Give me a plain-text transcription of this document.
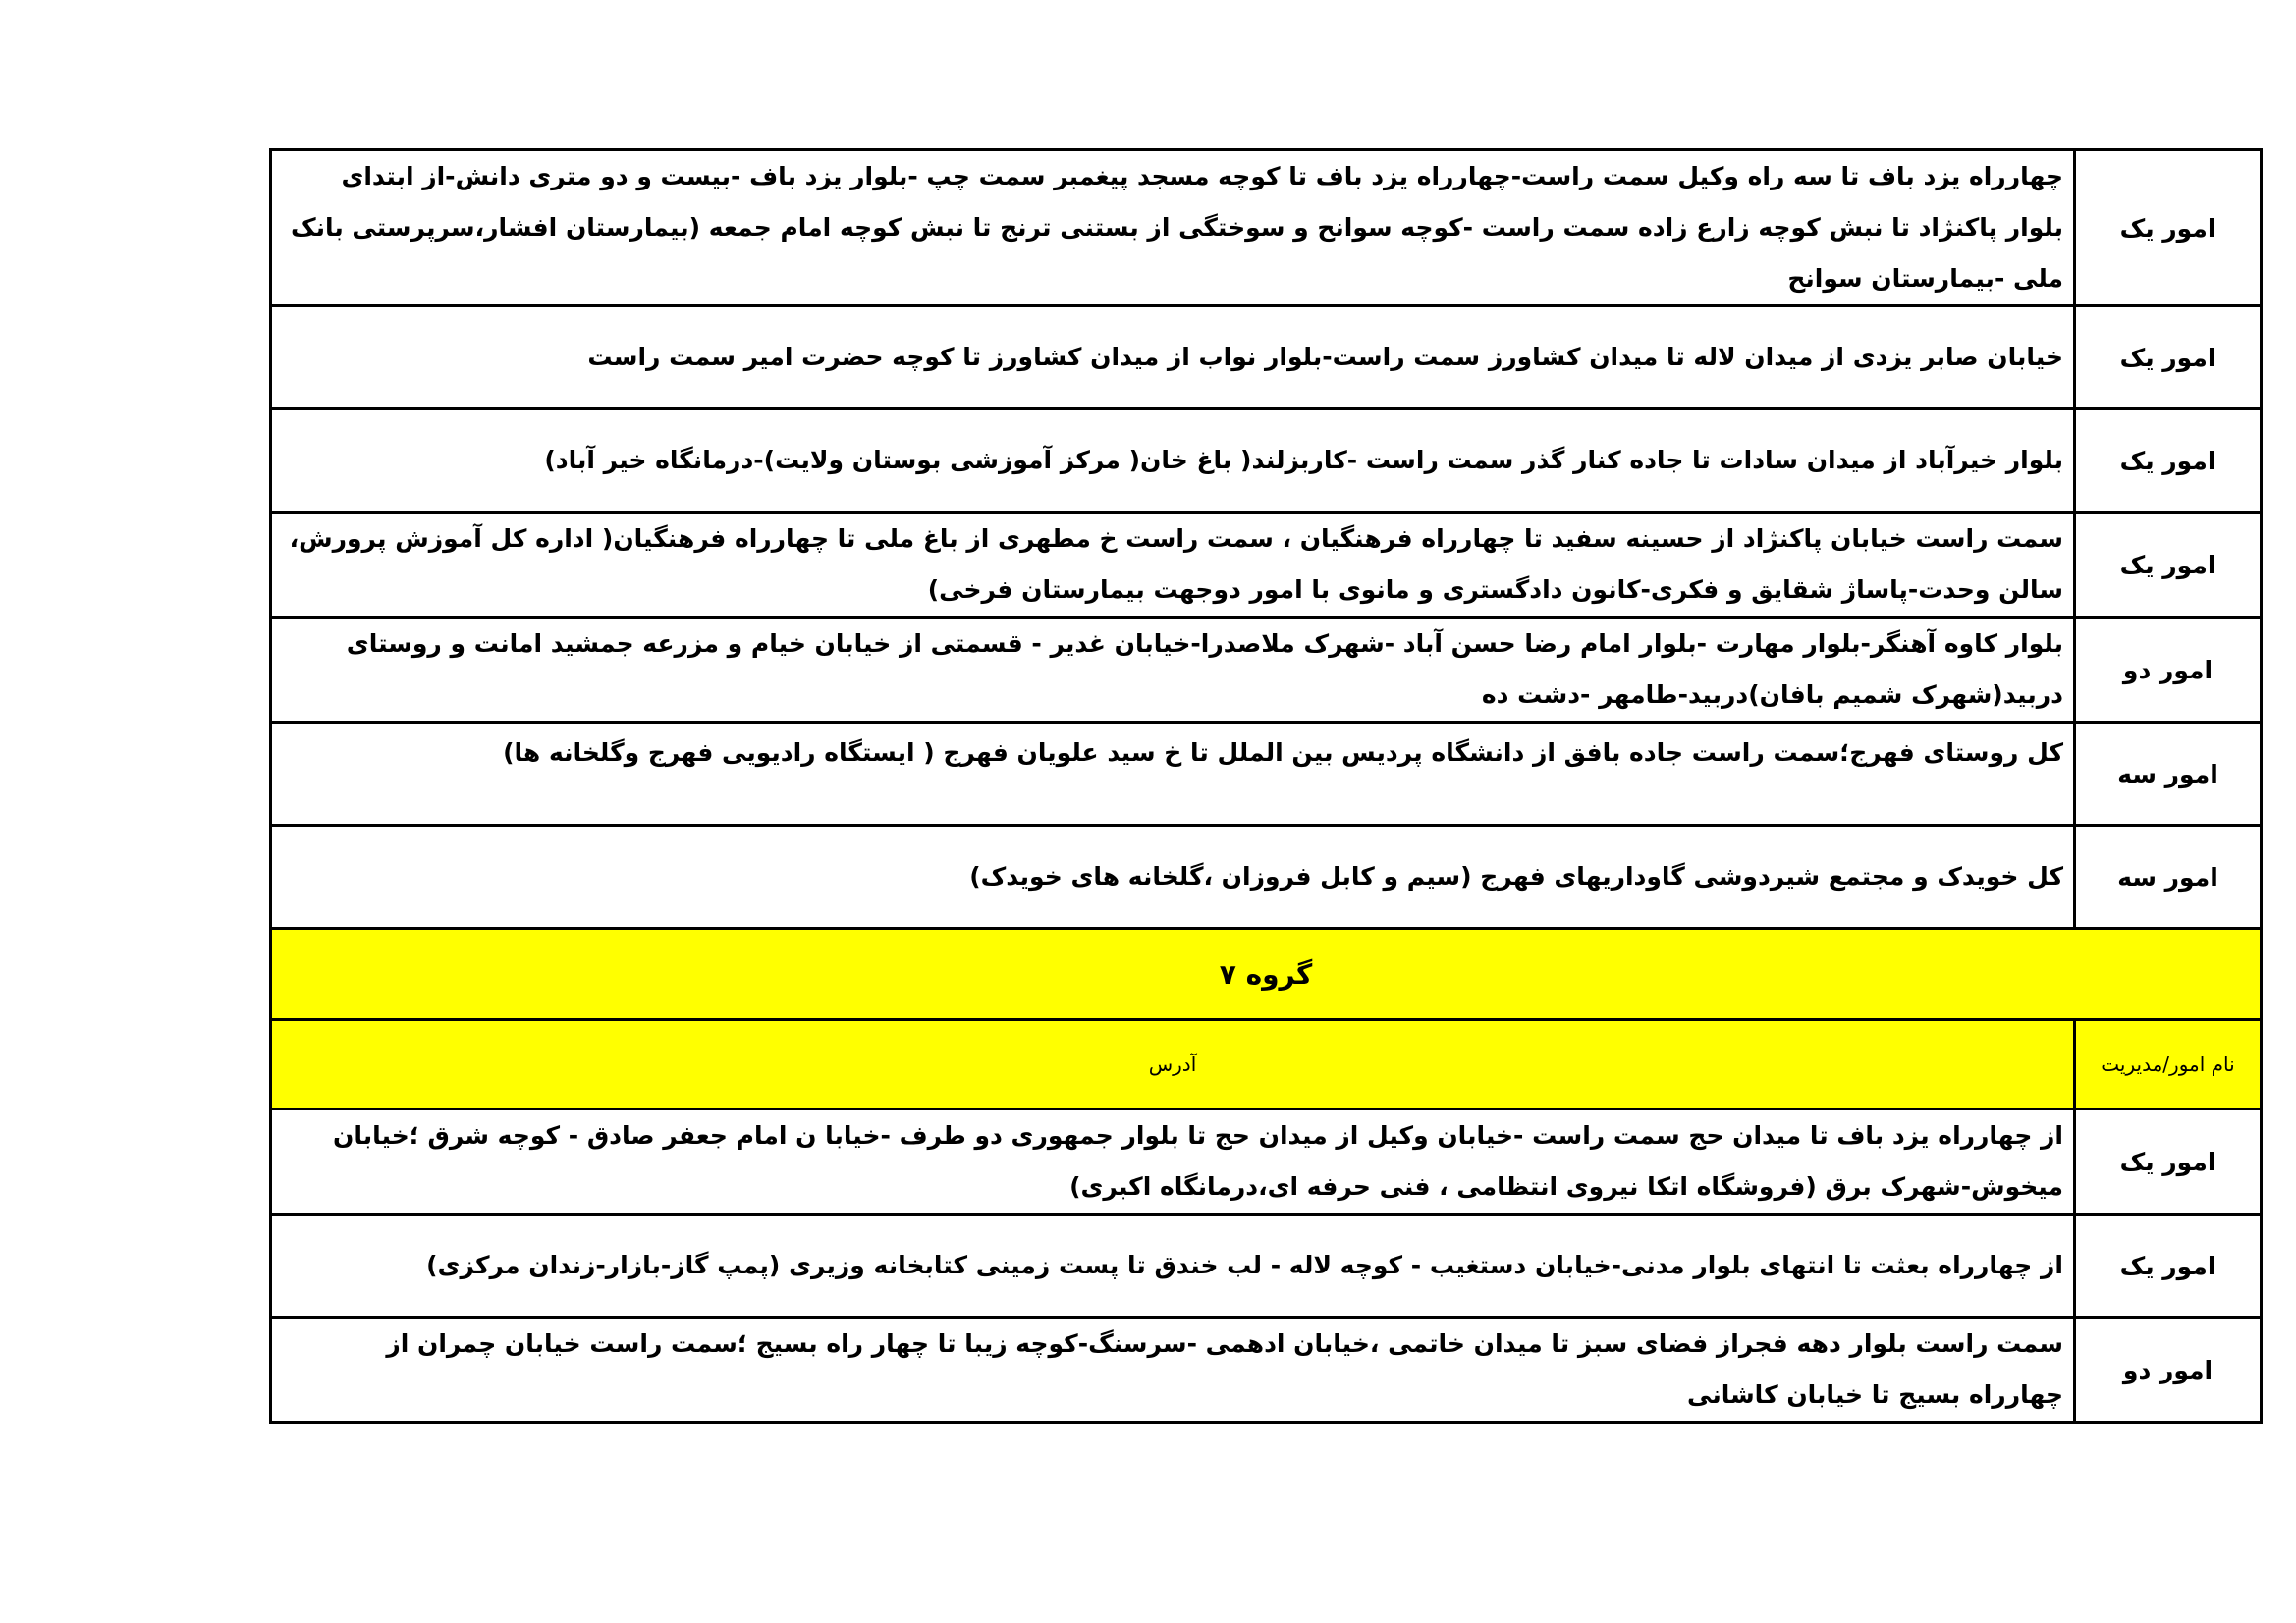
امور یک	چهارراه یزد باف تا سه راه وکیل سمت راست-چهارراه یزد باف تا کوچه مسجد پیغمبر سمت چپ -بلوار یزد باف -بیست و دو متری دانش-از ابتدای بلوار پاکنژاد تا نبش کوچه زارع زاده سمت راست -کوچه سوانح و سوختگی از بستنی ترنج تا نبش کوچه امام جمعه (بیمارستان افشار،سرپرستی بانک ملی -بیمارستان سوانح
امور یک	خیابان صابر یزدی از میدان لاله تا میدان کشاورز سمت راست-بلوار نواب از میدان کشاورز تا کوچه حضرت امیر سمت راست
امور یک	بلوار خیرآباد از میدان سادات تا جاده کنار گذر سمت راست -کاربزلند( باغ خان( مرکز آموزشی بوستان ولایت)-درمانگاه خیر آباد)
امور یک	سمت راست خیابان پاکنژاد از حسینه سفید تا چهارراه فرهنگیان ، سمت راست خ مطهری از باغ ملی تا چهارراه فرهنگیان( اداره کل آموزش پرورش، سالن وحدت-پاساژ شقایق و فکری-کانون دادگستری و مانوی با امور دوجهت بیمارستان فرخی)
امور دو	بلوار کاوه آهنگر-بلوار مهارت -بلوار امام رضا حسن آباد -شهرک ملاصدرا-خیابان غدیر - قسمتی از خیابان خیام و مزرعه جمشید امانت و روستای دربید(شهرک شمیم بافان)دربید-طامهر -دشت ده
امور سه	کل روستای فهرج؛سمت راست جاده بافق از دانشگاه پردیس بین الملل تا خ سید علویان فهرج ( ایستگاه رادیویی فهرج وگلخانه ها)
امور سه	کل خویدک و مجتمع شیردوشی گاوداریهای فهرج (سیم و کابل فروزان ،گلخانه های خویدک)
گروه ۷	
نام امور/مدیریت	آدرس
امور یک	از چهارراه یزد باف تا میدان حج سمت راست -خیابان وکیل از میدان حج تا بلوار جمهوری دو طرف -خیابا ن امام جعفر صادق - کوچه شرق ؛خیابان میخوش-شهرک برق (فروشگاه اتکا نیروی انتظامی ، فنی حرفه ای،درمانگاه اکبری)
امور یک	از چهارراه بعثت تا انتهای بلوار مدنی-خیابان دستغیب - کوچه لاله - لب خندق تا پست زمینی کتابخانه وزیری (پمپ گاز-بازار-زندان مرکزی)
امور دو	سمت راست بلوار دهه فجراز فضای سبز تا میدان خاتمی ،خیابان ادهمی -سرسنگ-کوچه زیبا تا چهار راه بسیج ؛سمت راست خیابان چمران از چهارراه بسیج تا خیابان کاشانی
